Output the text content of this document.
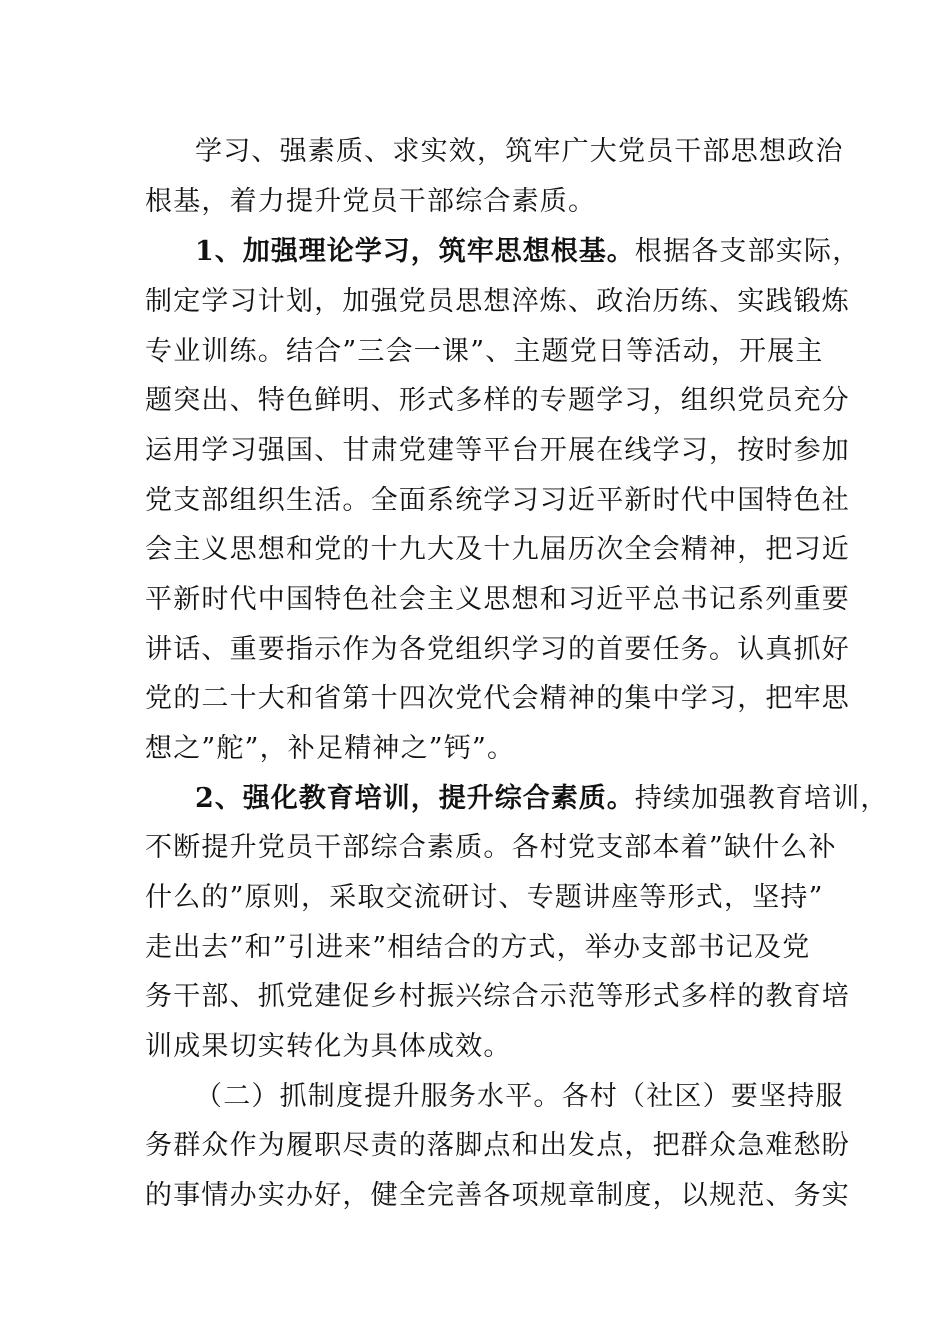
学习、强素质、求实效，筑牢广大党员干部思想政治
根基，着力提升党员干部综合素质。
1、加强理论学习，筑牢思想根基。根据各支部实际，
制定学习计划，加强党员思想淬炼、政治历练、实践锻炼
专业训练。结合”三会一课”、主题党日等活动，开展主
题突出、特色鲜明、形式多样的专题学习，组织党员充分
运用学习强国、甘肃党建等平台开展在线学习，按时参加
党支部组织生活。全面系统学习习近平新时代中国特色社
会主义思想和党的十九大及十九届历次全会精神，把习近
平新时代中国特色社会主义思想和习近平总书记系列重要
讲话、重要指示作为各党组织学习的首要任务。认真抓好
党的二十大和省第十四次党代会精神的集中学习，把牢思
想之”舵”，补足精神之”钙”。
2、强化教育培训，提升综合素质。持续加强教育培训，
不断提升党员干部综合素质。各村党支部本着”缺什么补
什么的”原则，采取交流研讨、专题讲座等形式，坚持”
走出去”和”引进来”相结合的方式，举办支部书记及党
务干部、抓党建促乡村振兴综合示范等形式多样的教育培
训成果切实转化为具体成效。
（二）抓制度提升服务水平。各村（社区）要坚持服
务群众作为履职尽责的落脚点和出发点，把群众急难愁盼
的事情办实办好，健全完善各项规章制度，以规范、务实
